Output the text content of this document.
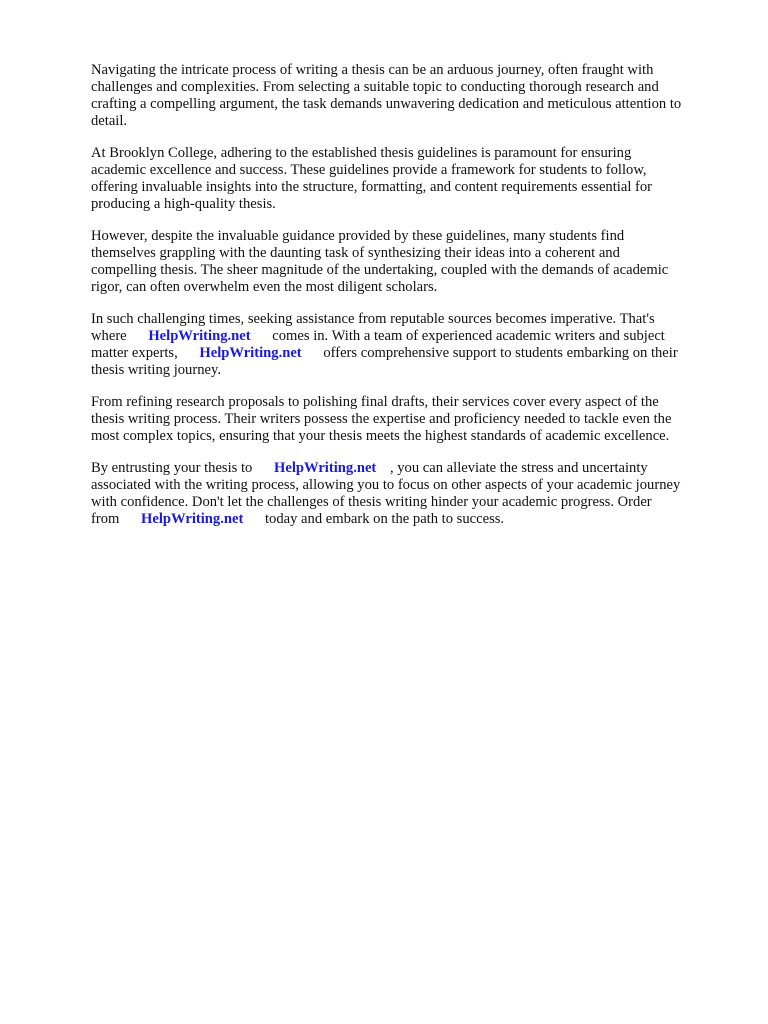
Navigating the intricate process of writing a thesis can be an arduous journey, often fraught with
challenges and complexities. From selecting a suitable topic to conducting thorough research and
crafting a compelling argument, the task demands unwavering dedication and meticulous attention to
detail.

At Brooklyn College, adhering to the established thesis guidelines is paramount for ensuring
academic excellence and success. These guidelines provide a framework for students to follow,
offering invaluable insights into the structure, formatting, and content requirements essential for
producing a high-quality thesis.

However, despite the invaluable guidance provided by these guidelines, many students find
themselves grappling with the daunting task of synthesizing their ideas into a coherent and
compelling thesis. The sheer magnitude of the undertaking, coupled with the demands of academic
rigor, can often overwhelm even the most diligent scholars.

In such challenging times, seeking assistance from reputable sources becomes imperative. That's
where HelpWriting.net comes in. With a team of experienced academic writers and subject
matter experts, HelpWriting.net offers comprehensive support to students embarking on their
thesis writing journey.

From refining research proposals to polishing final drafts, their services cover every aspect of the
thesis writing process. Their writers possess the expertise and proficiency needed to tackle even the
most complex topics, ensuring that your thesis meets the highest standards of academic excellence.

By entrusting your thesis to HelpWriting.net , you can alleviate the stress and uncertainty
associated with the writing process, allowing you to focus on other aspects of your academic journey
with confidence. Don't let the challenges of thesis writing hinder your academic progress. Order
from HelpWriting.net today and embark on the path to success.
